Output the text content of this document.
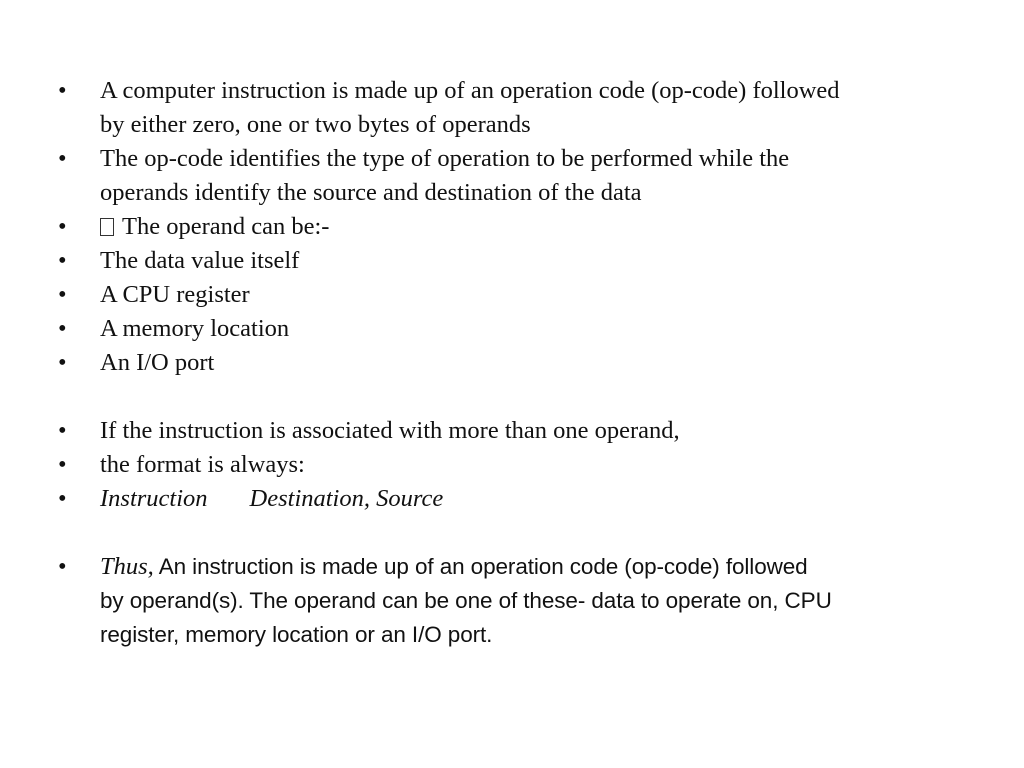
• A computer instruction is made up of an operation code (op-code) followed
by either zero, one or two bytes of operands
• The op-code identifies the type of operation to be performed while the
operands identify the source and destination of the data
• The operand can be:-
• The data value itself
• A CPU register
• A memory location
• An I/O port
• If the instruction is associated with more than one operand,
• the format is always:
• Instruction Destination, Source
• Thus, An instruction is made up of an operation code (op-code) followed
by operand(s). The operand can be one of these- data to operate on, CPU
register, memory location or an I/O port.
